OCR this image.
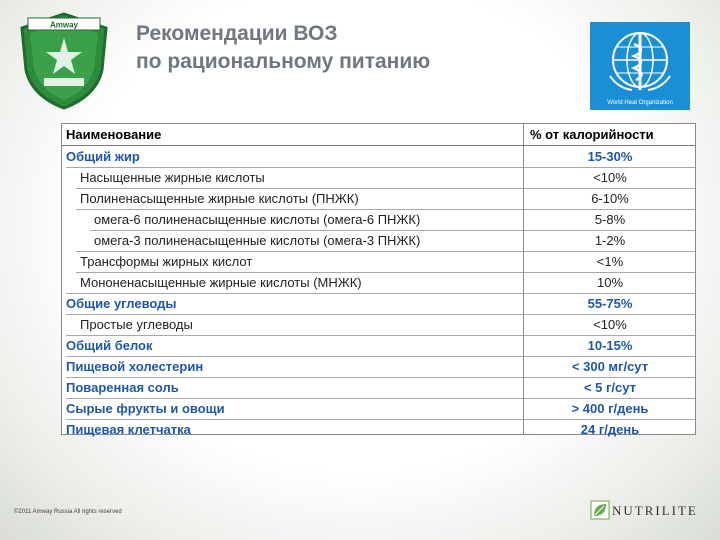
Amway	Рекомендации ВОЗ
по рациональному питанию
World Heat Organization
Наименование	% от калорийности
Общий жир	15-30%
Насыщенные жирные кислоты	<10%
Полиненасыщенные жирные кислоты (ПНЖК)	6-10%
омега-6 полиненасыщенные кислоты (омега-6 ПНЖК)	5-8%
омега-3 полиненасыщенные кислоты (омега-3 ПНЖК)	1-2%
Трансформы жирных кислот	<1%
Мононенасыщенные жирные кислоты (МНЖК)	10%
Общие углеводы	55-75%
Простые углеводы	<10%
Общий белок	10-15%
Пищевой холестерин	< 300 мг/сут
Поваренная соль	< 5 г/сут
Сырые фрукты и овощи	> 400 г/день
Пищевая клетчатка	24 г/день
©2011 Amway Russia All rights reserved	NUTRILITE
